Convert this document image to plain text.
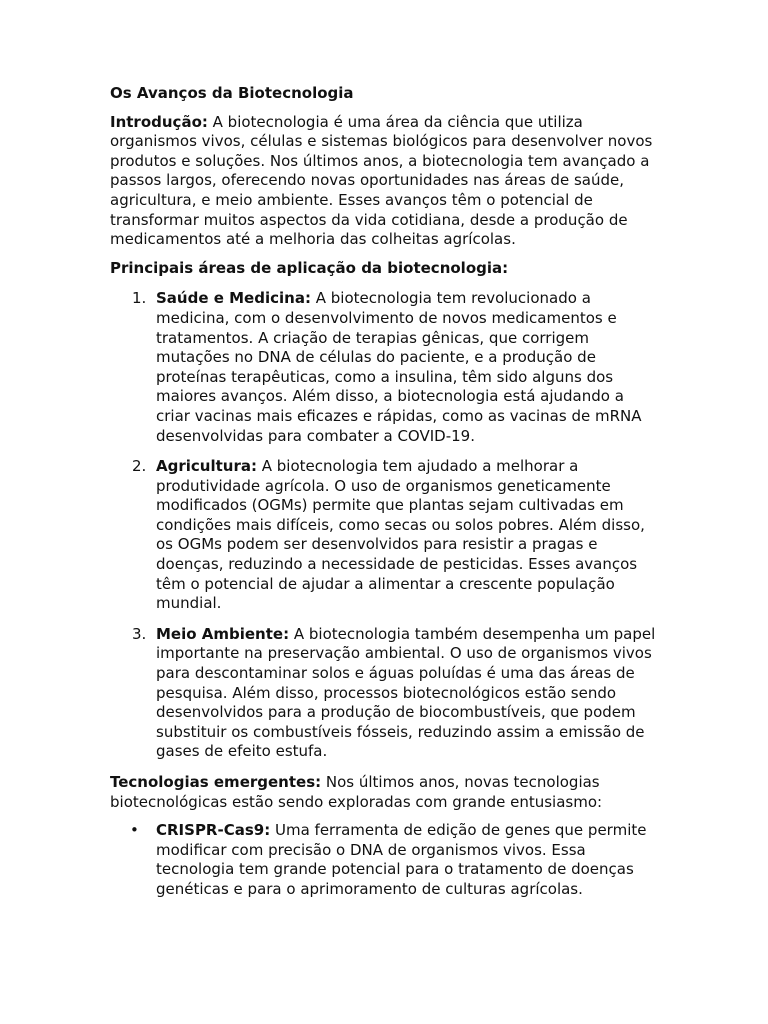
Os Avanços da Biotecnologia

Introdução: A biotecnologia é uma área da ciência que utiliza organismos vivos, células e sistemas biológicos para desenvolver novos produtos e soluções. Nos últimos anos, a biotecnologia tem avançado a passos largos, oferecendo novas oportunidades nas áreas de saúde, agricultura, e meio ambiente. Esses avanços têm o potencial de transformar muitos aspectos da vida cotidiana, desde a produção de medicamentos até a melhoria das colheitas agrícolas.

Principais áreas de aplicação da biotecnologia:
1. Saúde e Medicina: A biotecnologia tem revolucionado a medicina, com o desenvolvimento de novos medicamentos e tratamentos. A criação de terapias gênicas, que corrigem mutações no DNA de células do paciente, e a produção de proteínas terapêuticas, como a insulina, têm sido alguns dos maiores avanços. Além disso, a biotecnologia está ajudando a criar vacinas mais eficazes e rápidas, como as vacinas de mRNA desenvolvidas para combater a COVID-19.
2. Agricultura: A biotecnologia tem ajudado a melhorar a produtividade agrícola. O uso de organismos geneticamente modificados (OGMs) permite que plantas sejam cultivadas em condições mais difíceis, como secas ou solos pobres. Além disso, os OGMs podem ser desenvolvidos para resistir a pragas e doenças, reduzindo a necessidade de pesticidas. Esses avanços têm o potencial de ajudar a alimentar a crescente população mundial.
3. Meio Ambiente: A biotecnologia também desempenha um papel importante na preservação ambiental. O uso de organismos vivos para descontaminar solos e águas poluídas é uma das áreas de pesquisa. Além disso, processos biotecnológicos estão sendo desenvolvidos para a produção de biocombustíveis, que podem substituir os combustíveis fósseis, reduzindo assim a emissão de gases de efeito estufa.

Tecnologias emergentes: Nos últimos anos, novas tecnologias biotecnológicas estão sendo exploradas com grande entusiasmo:

• CRISPR-Cas9: Uma ferramenta de edição de genes que permite modificar com precisão o DNA de organismos vivos. Essa tecnologia tem grande potencial para o tratamento de doenças genéticas e para o aprimoramento de culturas agrícolas.
